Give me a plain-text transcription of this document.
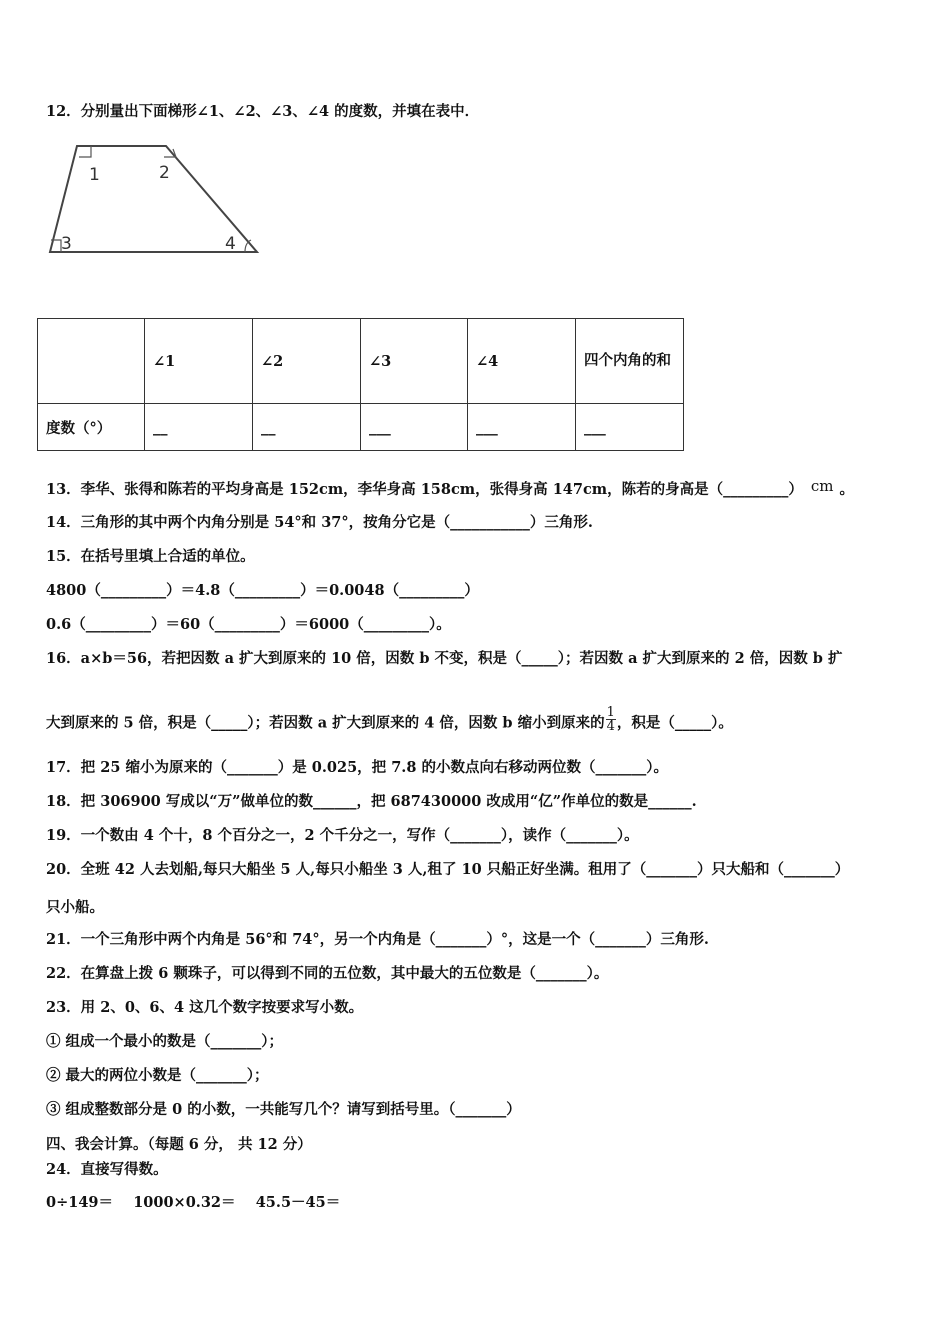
12．分别量出下面梯形∠1、∠2、∠3、∠4 的度数，并填在表中．
1	2
3	4
	∠1	∠2	∠3	∠4	四个内角的和
度数（°）	__	__	___	___	___
13．李华、张得和陈若的平均身高是 152cm，李华身高 158cm，张得身高 147cm，陈若的身高是（_________） cm 。
14．三角形的其中两个内角分别是 54°和 37°，按角分它是（___________）三角形.
15．在括号里填上合适的单位。
4800（_________）＝4.8（_________）＝0.0048（_________）
0.6（_________）＝60（_________）＝6000（_________）。
16．a×b＝56，若把因数 a 扩大到原来的 10 倍，因数 b 不变，积是（_____）；若因数 a 扩大到原来的 2 倍，因数 b 扩
大到原来的 5 倍，积是（_____）；若因数 a 扩大到原来的 4 倍，因数 b 缩小到原来的 $\frac{1}{4}$ ，积是（_____）。
17．把 25 缩小为原来的（_______）是 0.025，把 7.8 的小数点向右移动两位数（_______）。
18．把 306900 写成以“万”做单位的数______，把 687430000 改成用“亿”作单位的数是______.
19．一个数由 4 个十，8 个百分之一，2 个千分之一，写作（_______），读作（_______）。
20．全班 42 人去划船,每只大船坐 5 人,每只小船坐 3 人,租了 10 只船正好坐满。租用了（_______）只大船和（_______）
只小船。
21．一个三角形中两个内角是 56°和 74°，另一个内角是（_______）°，这是一个（_______）三角形.
22．在算盘上拨 6 颗珠子，可以得到不同的五位数，其中最大的五位数是（_______）。
23．用 2、0、6、4 这几个数字按要求写小数。
① 组成一个最小的数是（_______）；
② 最大的两位小数是（_______）；
③ 组成整数部分是 0 的小数，一共能写几个？请写到括号里。（_______）
四、我会计算。（每题 6 分， 共 12 分）
24．直接写得数。
0÷149＝    1000×0.32＝    45.5－45＝
